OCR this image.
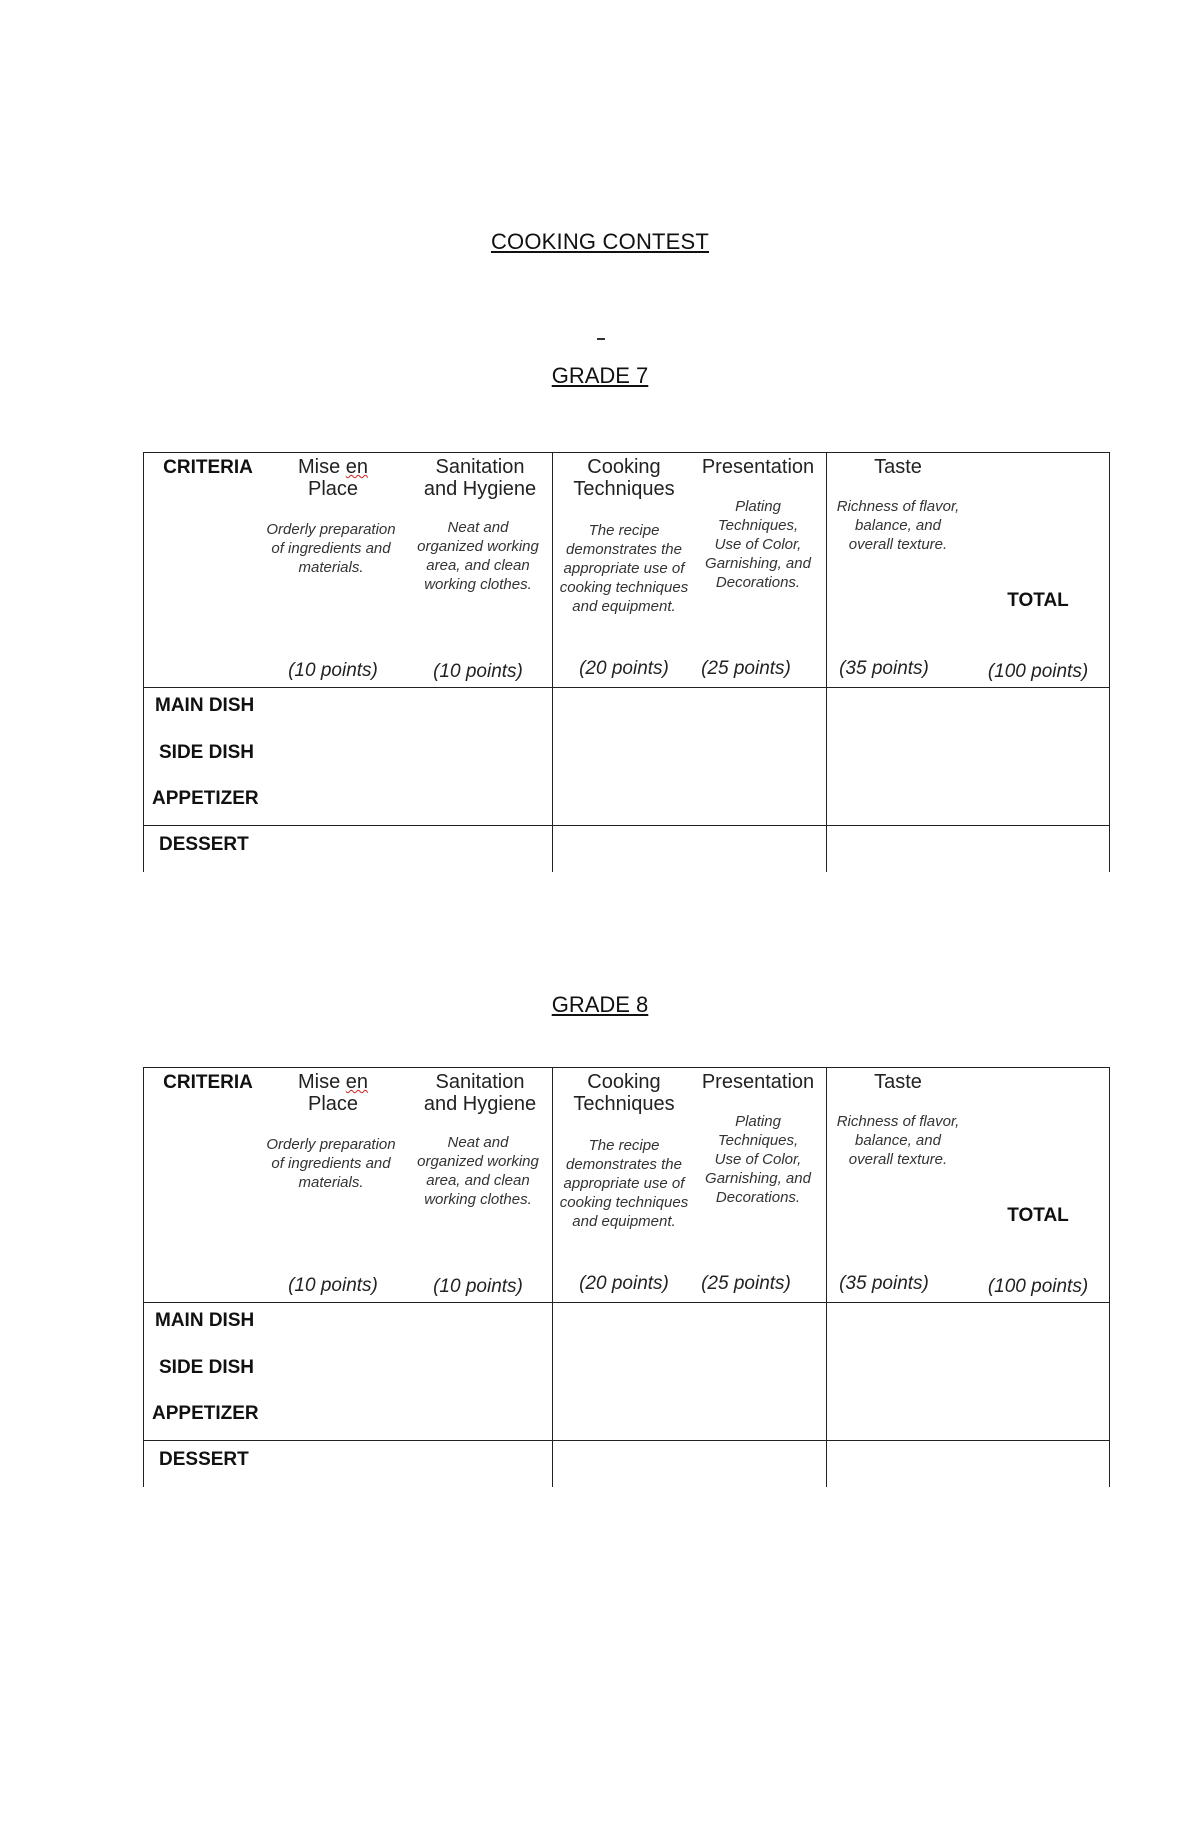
COOKING CONTEST
GRADE 7
CRITERIA	Mise en
Place
Orderly preparation of ingredients and materials.
(10 points)
Sanitation
and Hygiene
Neat and organized working area, and clean working clothes.
(10 points)
Cooking
Techniques
The recipe demonstrates the appropriate use of cooking techniques and equipment.
(20 points)
Presentation
Plating Techniques, Use of Color, Garnishing, and Decorations.
(25 points)
Taste
Richness of flavor, balance, and overall texture.
(35 points)
TOTAL
(100 points)
MAIN DISH
SIDE DISH
APPETIZER
DESSERT
GRADE 8
CRITERIA	Mise en
Place
Orderly preparation of ingredients and materials.
(10 points)
Sanitation
and Hygiene
Neat and organized working area, and clean working clothes.
(10 points)
Cooking
Techniques
The recipe demonstrates the appropriate use of cooking techniques and equipment.
(20 points)
Presentation
Plating Techniques, Use of Color, Garnishing, and Decorations.
(25 points)
Taste
Richness of flavor, balance, and overall texture.
(35 points)
TOTAL
(100 points)
MAIN DISH
SIDE DISH
APPETIZER
DESSERT
